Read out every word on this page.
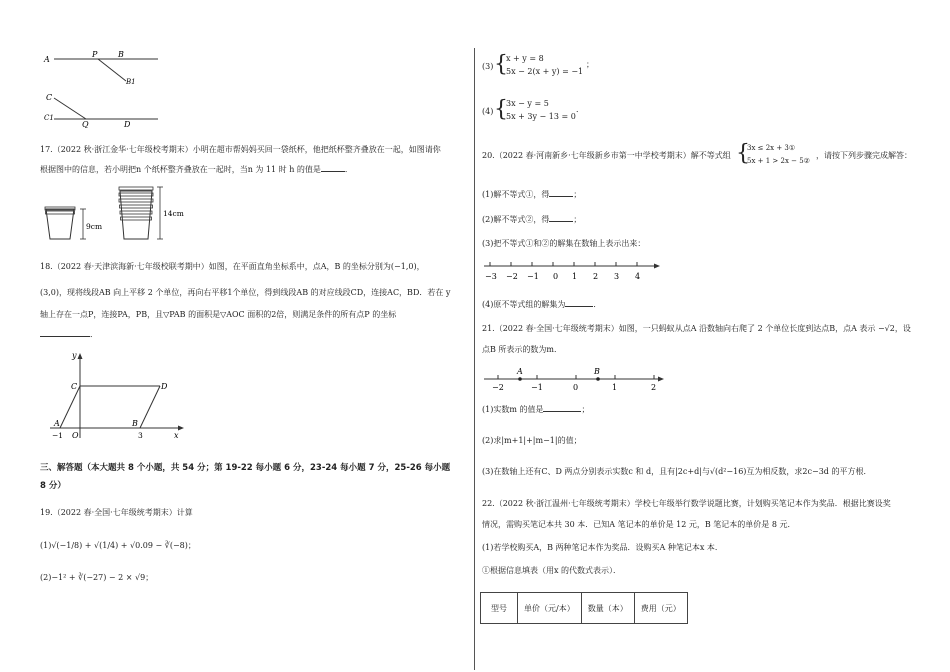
A
P	B
B1
C
C1
Q	D
17.（2022 秋·浙江金华·七年级校考期末）小明在超市帮妈妈买回一袋纸杯，他把纸杯整齐叠放在一起，如图请你
根据图中的信息，若小明把n 个纸杯整齐叠放在一起时，当n 为 11 时 h 的值是	．
9cm
14cm
18.（2022 春·天津滨海新·七年级校联考期中）如图，在平面直角坐标系中，点A，B 的坐标分别为(−1,0)，
(3,0)，现将线段AB 向上平移 2 个单位，再向右平移1个单位，得到线段AB 的对应线段CD，连接AC，BD．若在 y
轴上存在一点P，连接PA，PB，且▽PAB 的面积是▽AOC 面积的2倍，则满足条件的所有点P 的坐标
．
y
C	D
A
O
B
x
−1	3
三、解答题（本大题共 8 个小题，共 54 分；第 19-22 每小题 6 分，23-24 每小题 7 分，25-26 每小题
8 分）
19.（2022 春·全国·七年级统考期末）计算
(1)√(−1/8) + √(1/4) + √0.09 − ∛(−8)；
(2)−1² + ∛(−27) − 2 × √9；
(3) {
x + y = 8
5x − 2(x + y) = −1
；
(4) {
3x − y = 5
5x + 3y − 13 = 0
．
20.（2022 春·河南新乡·七年级新乡市第一中学校考期末）解不等式组 {
3x ≤ 2x + 3①
5x + 1 > 2x − 5②
，请按下列步骤完成解答：
(1)解不等式①，得	；
(2)解不等式②，得	；
(3)把不等式①和②的解集在数轴上表示出来：
−3 −2 −1 0 1 2 3 4
(4)原不等式组的解集为	．
21.（2022 春·全国·七年级统考期末）如图，一只蚂蚁从点A 沿数轴向右爬了 2 个单位长度到达点B，点A 表示 −√2，设
点B 所表示的数为m．
A	B
−2	−1	0	1	2
(1)实数m 的值是	；
(2)求|m+1|+|m−1|的值；
(3)在数轴上还有C、D 两点分别表示实数c 和 d，且有|2c+d|与√(d²−16)互为相反数，求2c−3d 的平方根．
22.（2022 秋·浙江温州·七年级统考期末）学校七年级举行数学说题比赛，计划购买笔记本作为奖品．根据比赛设奖
情况，需购买笔记本共 30 本．已知A 笔记本的单价是 12 元，B 笔记本的单价是 8 元．
(1)若学校购买A，B 两种笔记本作为奖品．设购买A 种笔记本x 本．
①根据信息填表（用x 的代数式表示）．
型号	单价（元/本）	数量（本）	费用（元）
